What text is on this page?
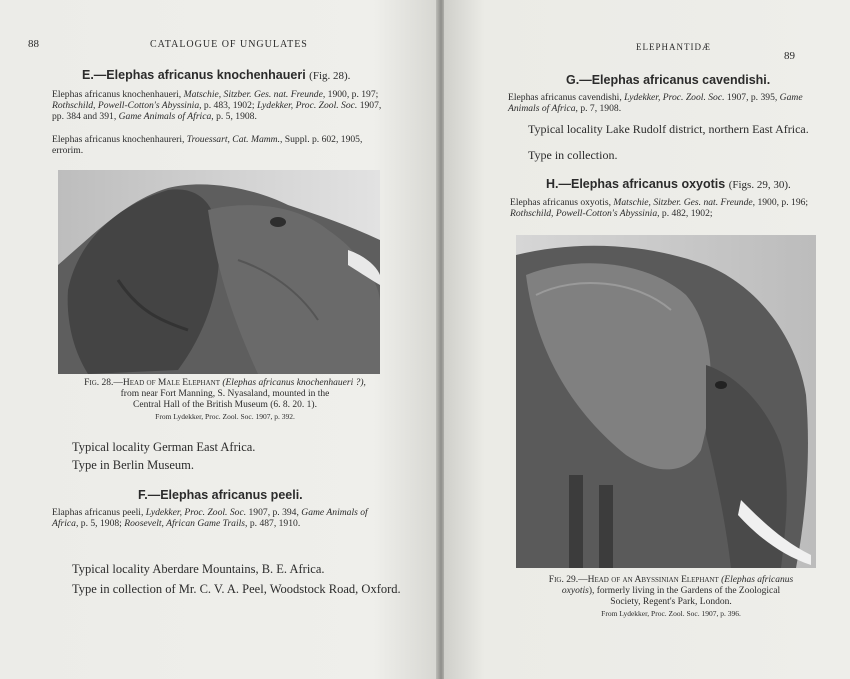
88	CATALOGUE OF UNGULATES
E.—Elephas africanus knochenhaueri (Fig. 28).
Elephas africanus knochenhaueri, Matschie, Sitzber. Ges. nat. Freunde, 1900, p. 197; Rothschild, Powell-Cotton's Abyssinia, p. 483, 1902; Lydekker, Proc. Zool. Soc. 1907, pp. 384 and 391, Game Animals of Africa, p. 5, 1908.
Elephas africanus knochenhaureri, Trouessart, Cat. Mamm., Suppl. p. 602, 1905, errorim.
Fig. 28.—Head of Male Elephant (Elephas africanus knochenhaueri ?),
from near Fort Manning, S. Nyasaland, mounted in the
Central Hall of the British Museum (6. 8. 20. 1).
From Lydekker, Proc. Zool. Soc. 1907, p. 392.
Typical locality German East Africa.
Type in Berlin Museum.
F.—Elephas africanus peeli.
Elaphas africanus peeli, Lydekker, Proc. Zool. Soc. 1907, p. 394, Game Animals of Africa, p. 5, 1908; Roosevelt, African Game Trails, p. 487, 1910.
Typical locality Aberdare Mountains, B. E. Africa.
Type in collection of Mr. C. V. A. Peel, Woodstock Road, Oxford.
ELEPHANTIDÆ
89
G.—Elephas africanus cavendishi.
Elephas africanus cavendishi, Lydekker, Proc. Zool. Soc. 1907, p. 395, Game Animals of Africa, p. 7, 1908.
Typical locality Lake Rudolf district, northern East Africa.
Type in collection.
H.—Elephas africanus oxyotis (Figs. 29, 30).
Elephas africanus oxyotis, Matschie, Sitzber. Ges. nat. Freunde, 1900, p. 196; Rothschild, Powell-Cotton's Abyssinia, p. 482, 1902;
Fig. 29.—Head of an Abyssinian Elephant (Elephas africanus
oxyotis), formerly living in the Gardens of the Zoological
Society, Regent's Park, London.
From Lydekker, Proc. Zool. Soc. 1907, p. 396.
